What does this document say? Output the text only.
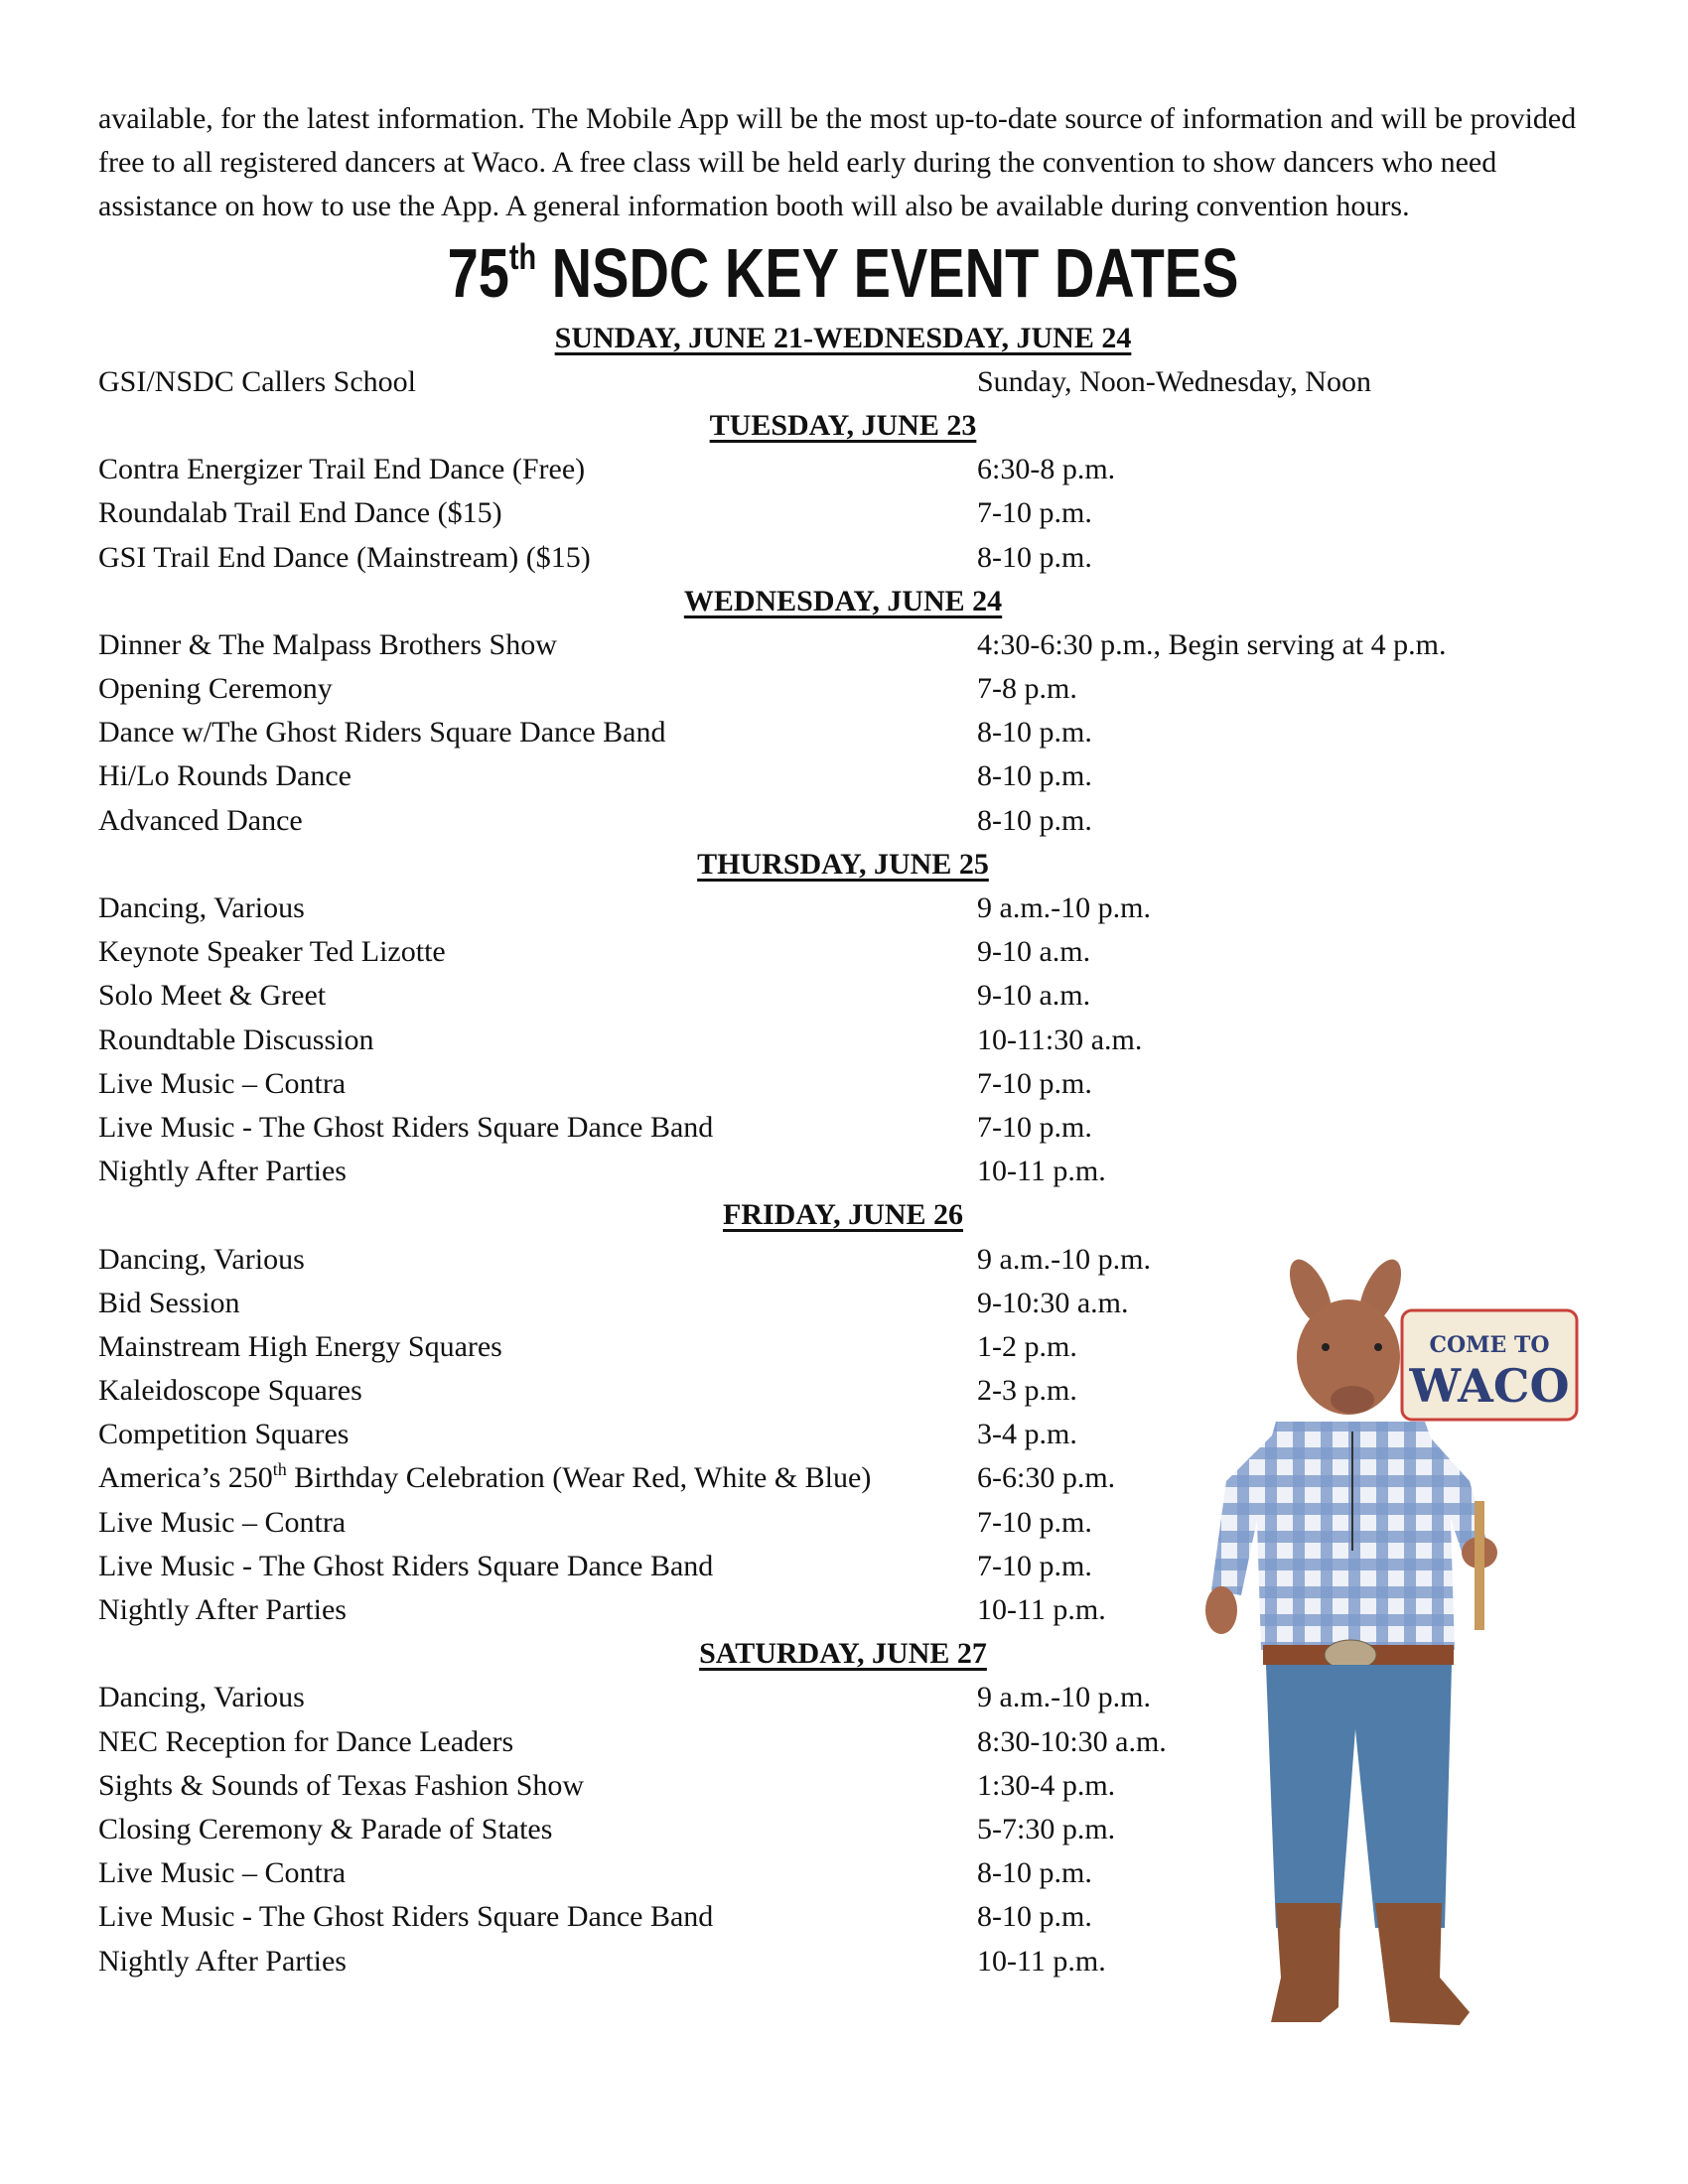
available, for the latest information. The Mobile App will be the most up-to-date source of information and will be provided free to all registered dancers at Waco. A free class will be held early during the convention to show dancers who need assistance on how to use the App. A general information booth will also be available during convention hours.

75th NSDC KEY EVENT DATES
SUNDAY, JUNE 21-WEDNESDAY, JUNE 24
GSI/NSDC Callers School	Sunday, Noon-Wednesday, Noon
TUESDAY, JUNE 23
Contra Energizer Trail End Dance (Free)	6:30-8 p.m.
Roundalab Trail End Dance ($15)	7-10 p.m.
GSI Trail End Dance (Mainstream) ($15)	8-10 p.m.
WEDNESDAY, JUNE 24
Dinner & The Malpass Brothers Show	4:30-6:30 p.m., Begin serving at 4 p.m.
Opening Ceremony	7-8 p.m.
Dance w/The Ghost Riders Square Dance Band	8-10 p.m.
Hi/Lo Rounds Dance	8-10 p.m.
Advanced Dance	8-10 p.m.
THURSDAY, JUNE 25
Dancing, Various	9 a.m.-10 p.m.
Keynote Speaker Ted Lizotte	9-10 a.m.
Solo Meet & Greet	9-10 a.m.
Roundtable Discussion	10-11:30 a.m.
Live Music – Contra	7-10 p.m.
Live Music - The Ghost Riders Square Dance Band	7-10 p.m.
Nightly After Parties	10-11 p.m.
FRIDAY, JUNE 26
Dancing, Various	9 a.m.-10 p.m.
Bid Session	9-10:30 a.m.
Mainstream High Energy Squares	1-2 p.m.
Kaleidoscope Squares	2-3 p.m.
Competition Squares	3-4 p.m.
America’s 250th Birthday Celebration (Wear Red, White & Blue)	6-6:30 p.m.
Live Music – Contra	7-10 p.m.
Live Music - The Ghost Riders Square Dance Band	7-10 p.m.
Nightly After Parties	10-11 p.m.
SATURDAY, JUNE 27
Dancing, Various	9 a.m.-10 p.m.
NEC Reception for Dance Leaders	8:30-10:30 a.m.
Sights & Sounds of Texas Fashion Show	1:30-4 p.m.
Closing Ceremony & Parade of States	5-7:30 p.m.
Live Music – Contra	8-10 p.m.
Live Music - The Ghost Riders Square Dance Band	8-10 p.m.
Nightly After Parties	10-11 p.m.
COME TO
WACO
